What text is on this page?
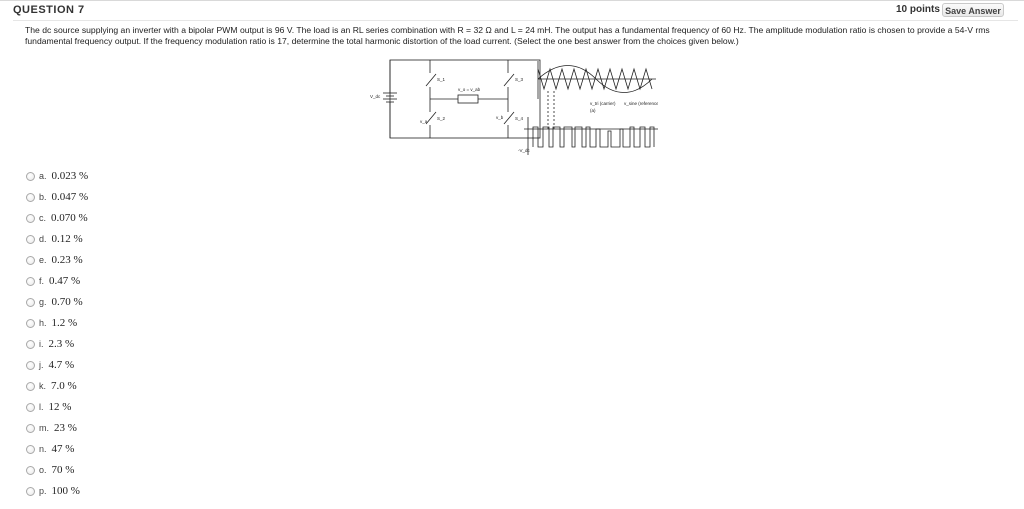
QUESTION 7	10 points Save Answer
The dc source supplying an inverter with a bipolar PWM output is 96 V. The load is an RL series combination with R = 32 Ω and L = 24 mH. The output has a fundamental frequency of 60 Hz. The amplitude modulation ratio is chosen to provide a 54-V rms fundamental frequency output. If the frequency modulation ratio is 17, determine the total harmonic distortion of the load current. (Select the one best answer from the choices given below.)
V_dc
S_1
S_2
S_3
S_4
v_o = v_ab
v_a
v_b
v_tri (carrier) v_sine (reference)
(a)
-V_dc
a. 0.023 %
b. 0.047 %
c. 0.070 %
d. 0.12 %
e. 0.23 %
f. 0.47 %
g. 0.70 %
h. 1.2 %
i. 2.3 %
j. 4.7 %
k. 7.0 %
l. 12 %
m. 23 %
n. 47 %
o. 70 %
p. 100 %
